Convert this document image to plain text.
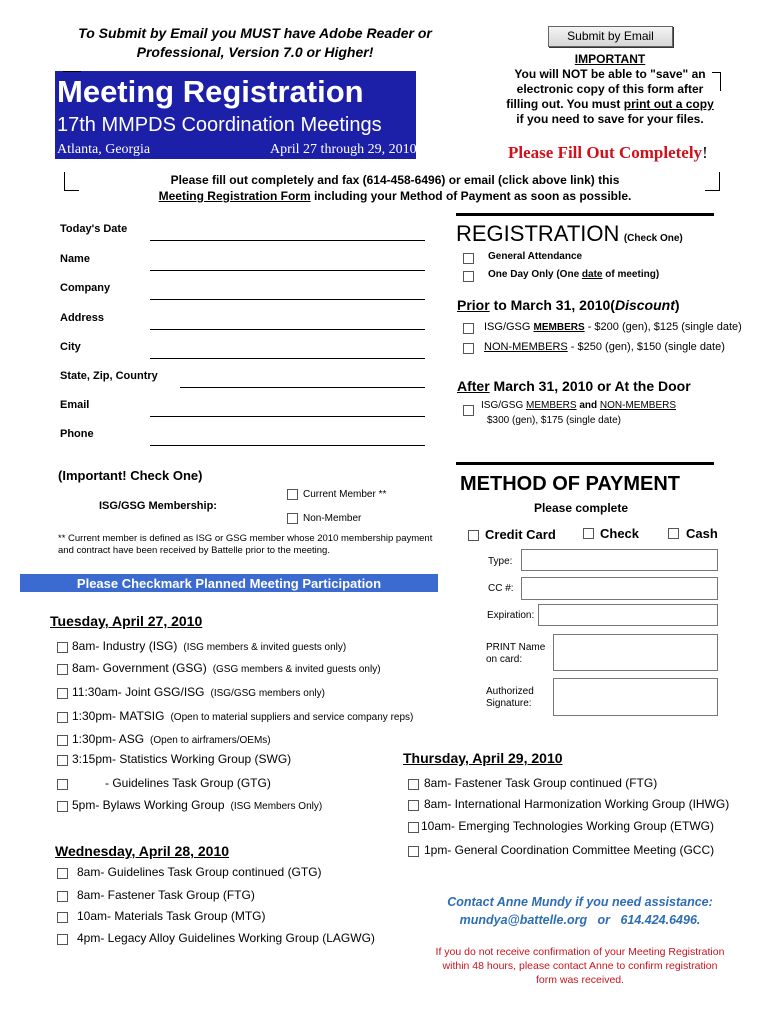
To Submit by Email you MUST have Adobe Reader or
Professional, Version 7.0 or Higher!
Submit by Email
IMPORTANT
You will NOT be able to "save" an
electronic copy of this form after
filling out. You must print out a copy
if you need to save for your files.
Please Fill Out Completely!
Meeting Registration
17th MMPDS Coordination Meetings
Atlanta, Georgia	April 27 through 29, 2010
Please fill out completely and fax (614-458-6496) or email (click above link) this
Meeting Registration Form including your Method of Payment as soon as possible.
Today's Date
Name
Company
Address
City
State, Zip, Country
Email
Phone
(Important! Check One)
ISG/GSG Membership:
Current Member **
Non-Member
** Current member is defined as ISG or GSG member whose 2010 membership payment
and contract have been received by Battelle prior to the meeting.
Please Checkmark Planned Meeting Participation
Tuesday, April 27, 2010
Wednesday, April 28, 2010
REGISTRATION (Check One)
General Attendance
One Day Only (One date of meeting)
Prior to March 31, 2010(Discount)
ISG/GSG MEMBERS - $200 (gen), $125 (single date)
NON-MEMBERS - $250 (gen), $150 (single date)
After March 31, 2010 or At the Door
ISG/GSG MEMBERS and NON-MEMBERS
$300 (gen), $175 (single date)
METHOD OF PAYMENT
Please complete
Credit Card	Check	Cash
Type:
CC #:
Expiration:
PRINT Name
on card:
Authorized
Signature:
Thursday, April 29, 2010
Contact Anne Mundy if you need assistance:
mundya@battelle.org or 614.424.6496.
If you do not receive confirmation of your Meeting Registration
within 48 hours, please contact Anne to confirm registration
form was received.
8am- Industry (ISG) (ISG members & invited guests only)
8am- Government (GSG) (GSG members & invited guests only)
11:30am- Joint GSG/ISG (ISG/GSG members only)
1:30pm- MATSIG (Open to material suppliers and service company reps)
1:30pm- ASG (Open to airframers/OEMs)
3:15pm- Statistics Working Group (SWG)
- Guidelines Task Group (GTG)
5pm- Bylaws Working Group (ISG Members Only)
8am- Guidelines Task Group continued (GTG)
8am- Fastener Task Group (FTG)
10am- Materials Task Group (MTG)
4pm- Legacy Alloy Guidelines Working Group (LAGWG)
8am- Fastener Task Group continued (FTG)
8am- International Harmonization Working Group (IHWG)
10am- Emerging Technologies Working Group (ETWG)
1pm- General Coordination Committee Meeting (GCC)
